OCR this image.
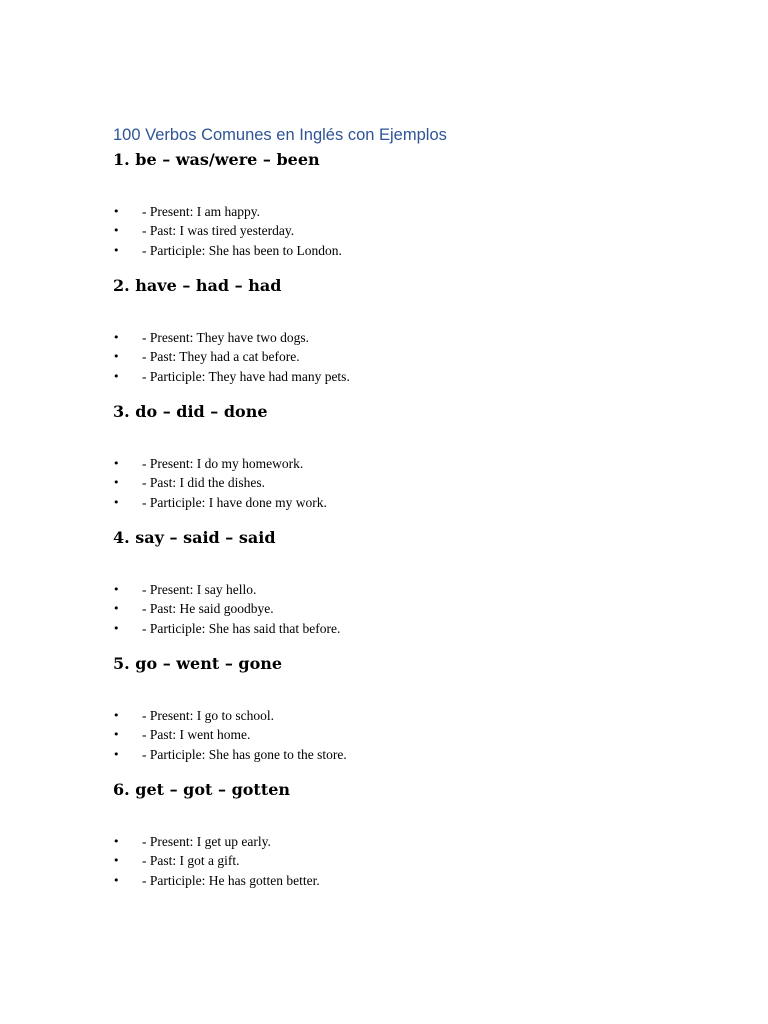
100 Verbos Comunes en Inglés con Ejemplos
1. be – was/were – been
• - Present: I am happy.
• - Past: I was tired yesterday.
• - Participle: She has been to London.
2. have – had – had
• - Present: They have two dogs.
• - Past: They had a cat before.
• - Participle: They have had many pets.
3. do – did – done
• - Present: I do my homework.
• - Past: I did the dishes.
• - Participle: I have done my work.
4. say – said – said
• - Present: I say hello.
• - Past: He said goodbye.
• - Participle: She has said that before.
5. go – went – gone
• - Present: I go to school.
• - Past: I went home.
• - Participle: She has gone to the store.
6. get – got – gotten
• - Present: I get up early.
• - Past: I got a gift.
• - Participle: He has gotten better.
